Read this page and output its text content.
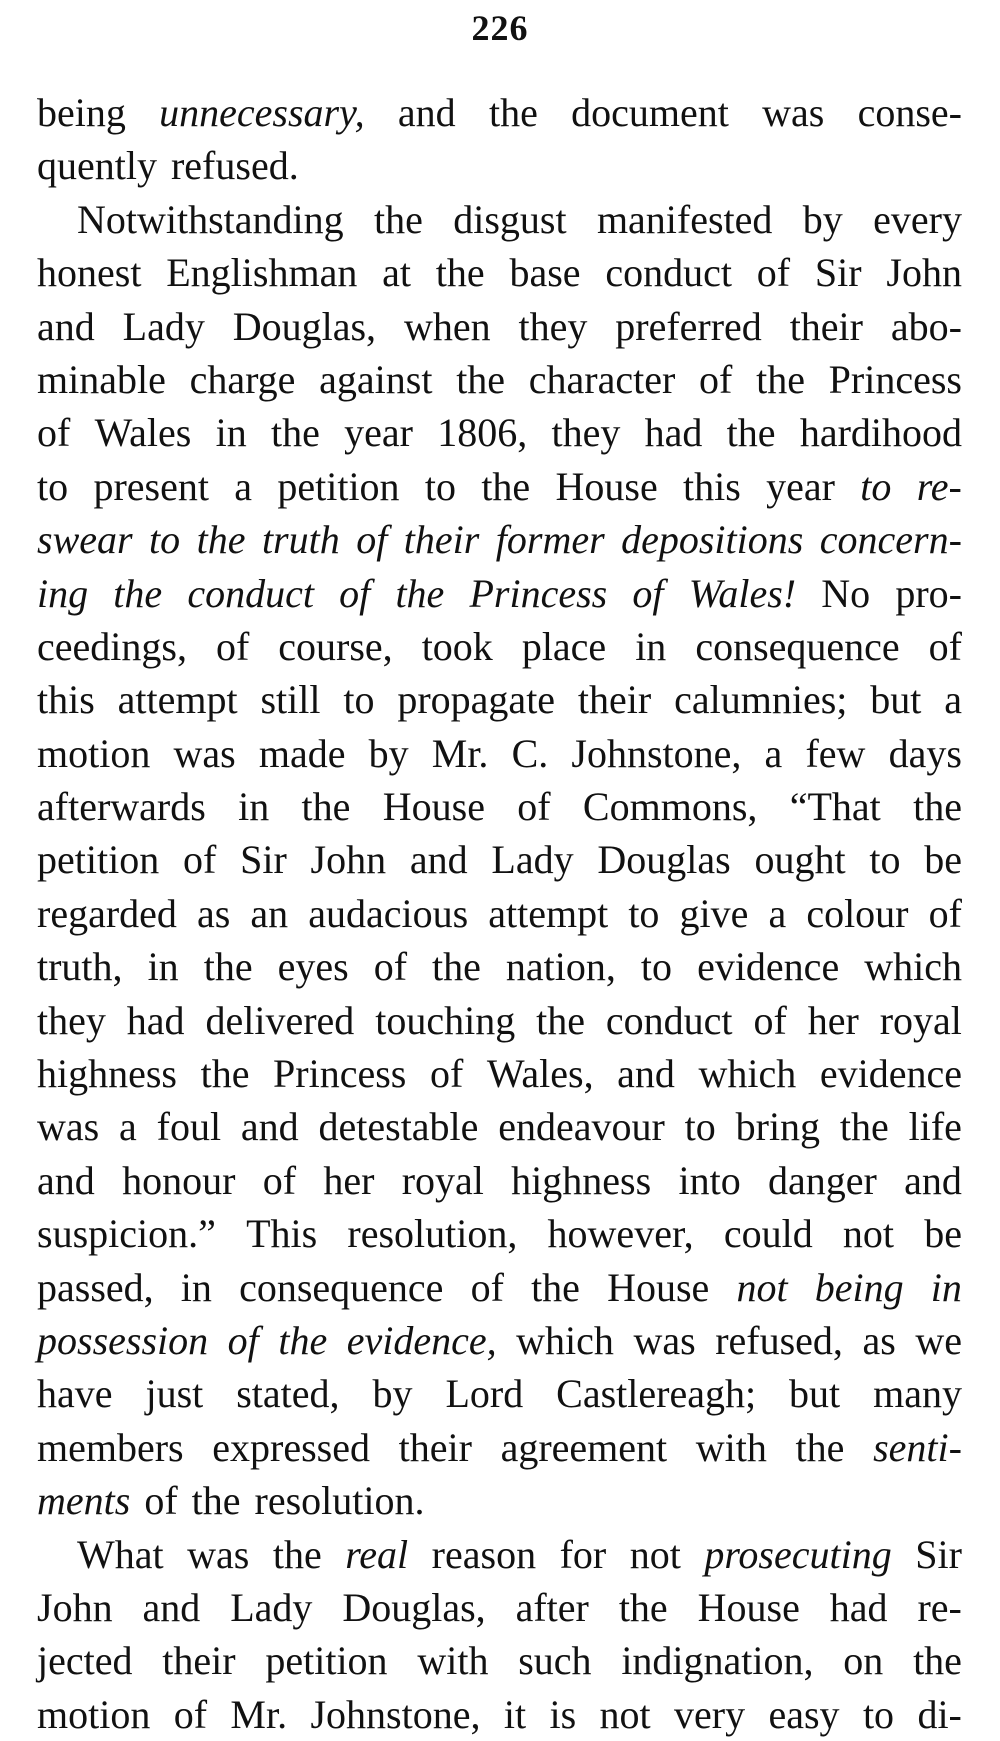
226
being unnecessary, and the document was conse-
quently refused.
Notwithstanding the disgust manifested by every
honest Englishman at the base conduct of Sir John
and Lady Douglas, when they preferred their abo-
minable charge against the character of the Princess
of Wales in the year 1806, they had the hardihood
to present a petition to the House this year to re-
swear to the truth of their former depositions concern-
ing the conduct of the Princess of Wales! No pro-
ceedings, of course, took place in consequence of
this attempt still to propagate their calumnies; but a
motion was made by Mr. C. Johnstone, a few days
afterwards in the House of Commons, “That the
petition of Sir John and Lady Douglas ought to be
regarded as an audacious attempt to give a colour of
truth, in the eyes of the nation, to evidence which
they had delivered touching the conduct of her royal
highness the Princess of Wales, and which evidence
was a foul and detestable endeavour to bring the life
and honour of her royal highness into danger and
suspicion.” This resolution, however, could not be
passed, in consequence of the House not being in
possession of the evidence, which was refused, as we
have just stated, by Lord Castlereagh; but many
members expressed their agreement with the senti-
ments of the resolution.
What was the real reason for not prosecuting Sir
John and Lady Douglas, after the House had re-
jected their petition with such indignation, on the
motion of Mr. Johnstone, it is not very easy to di-
